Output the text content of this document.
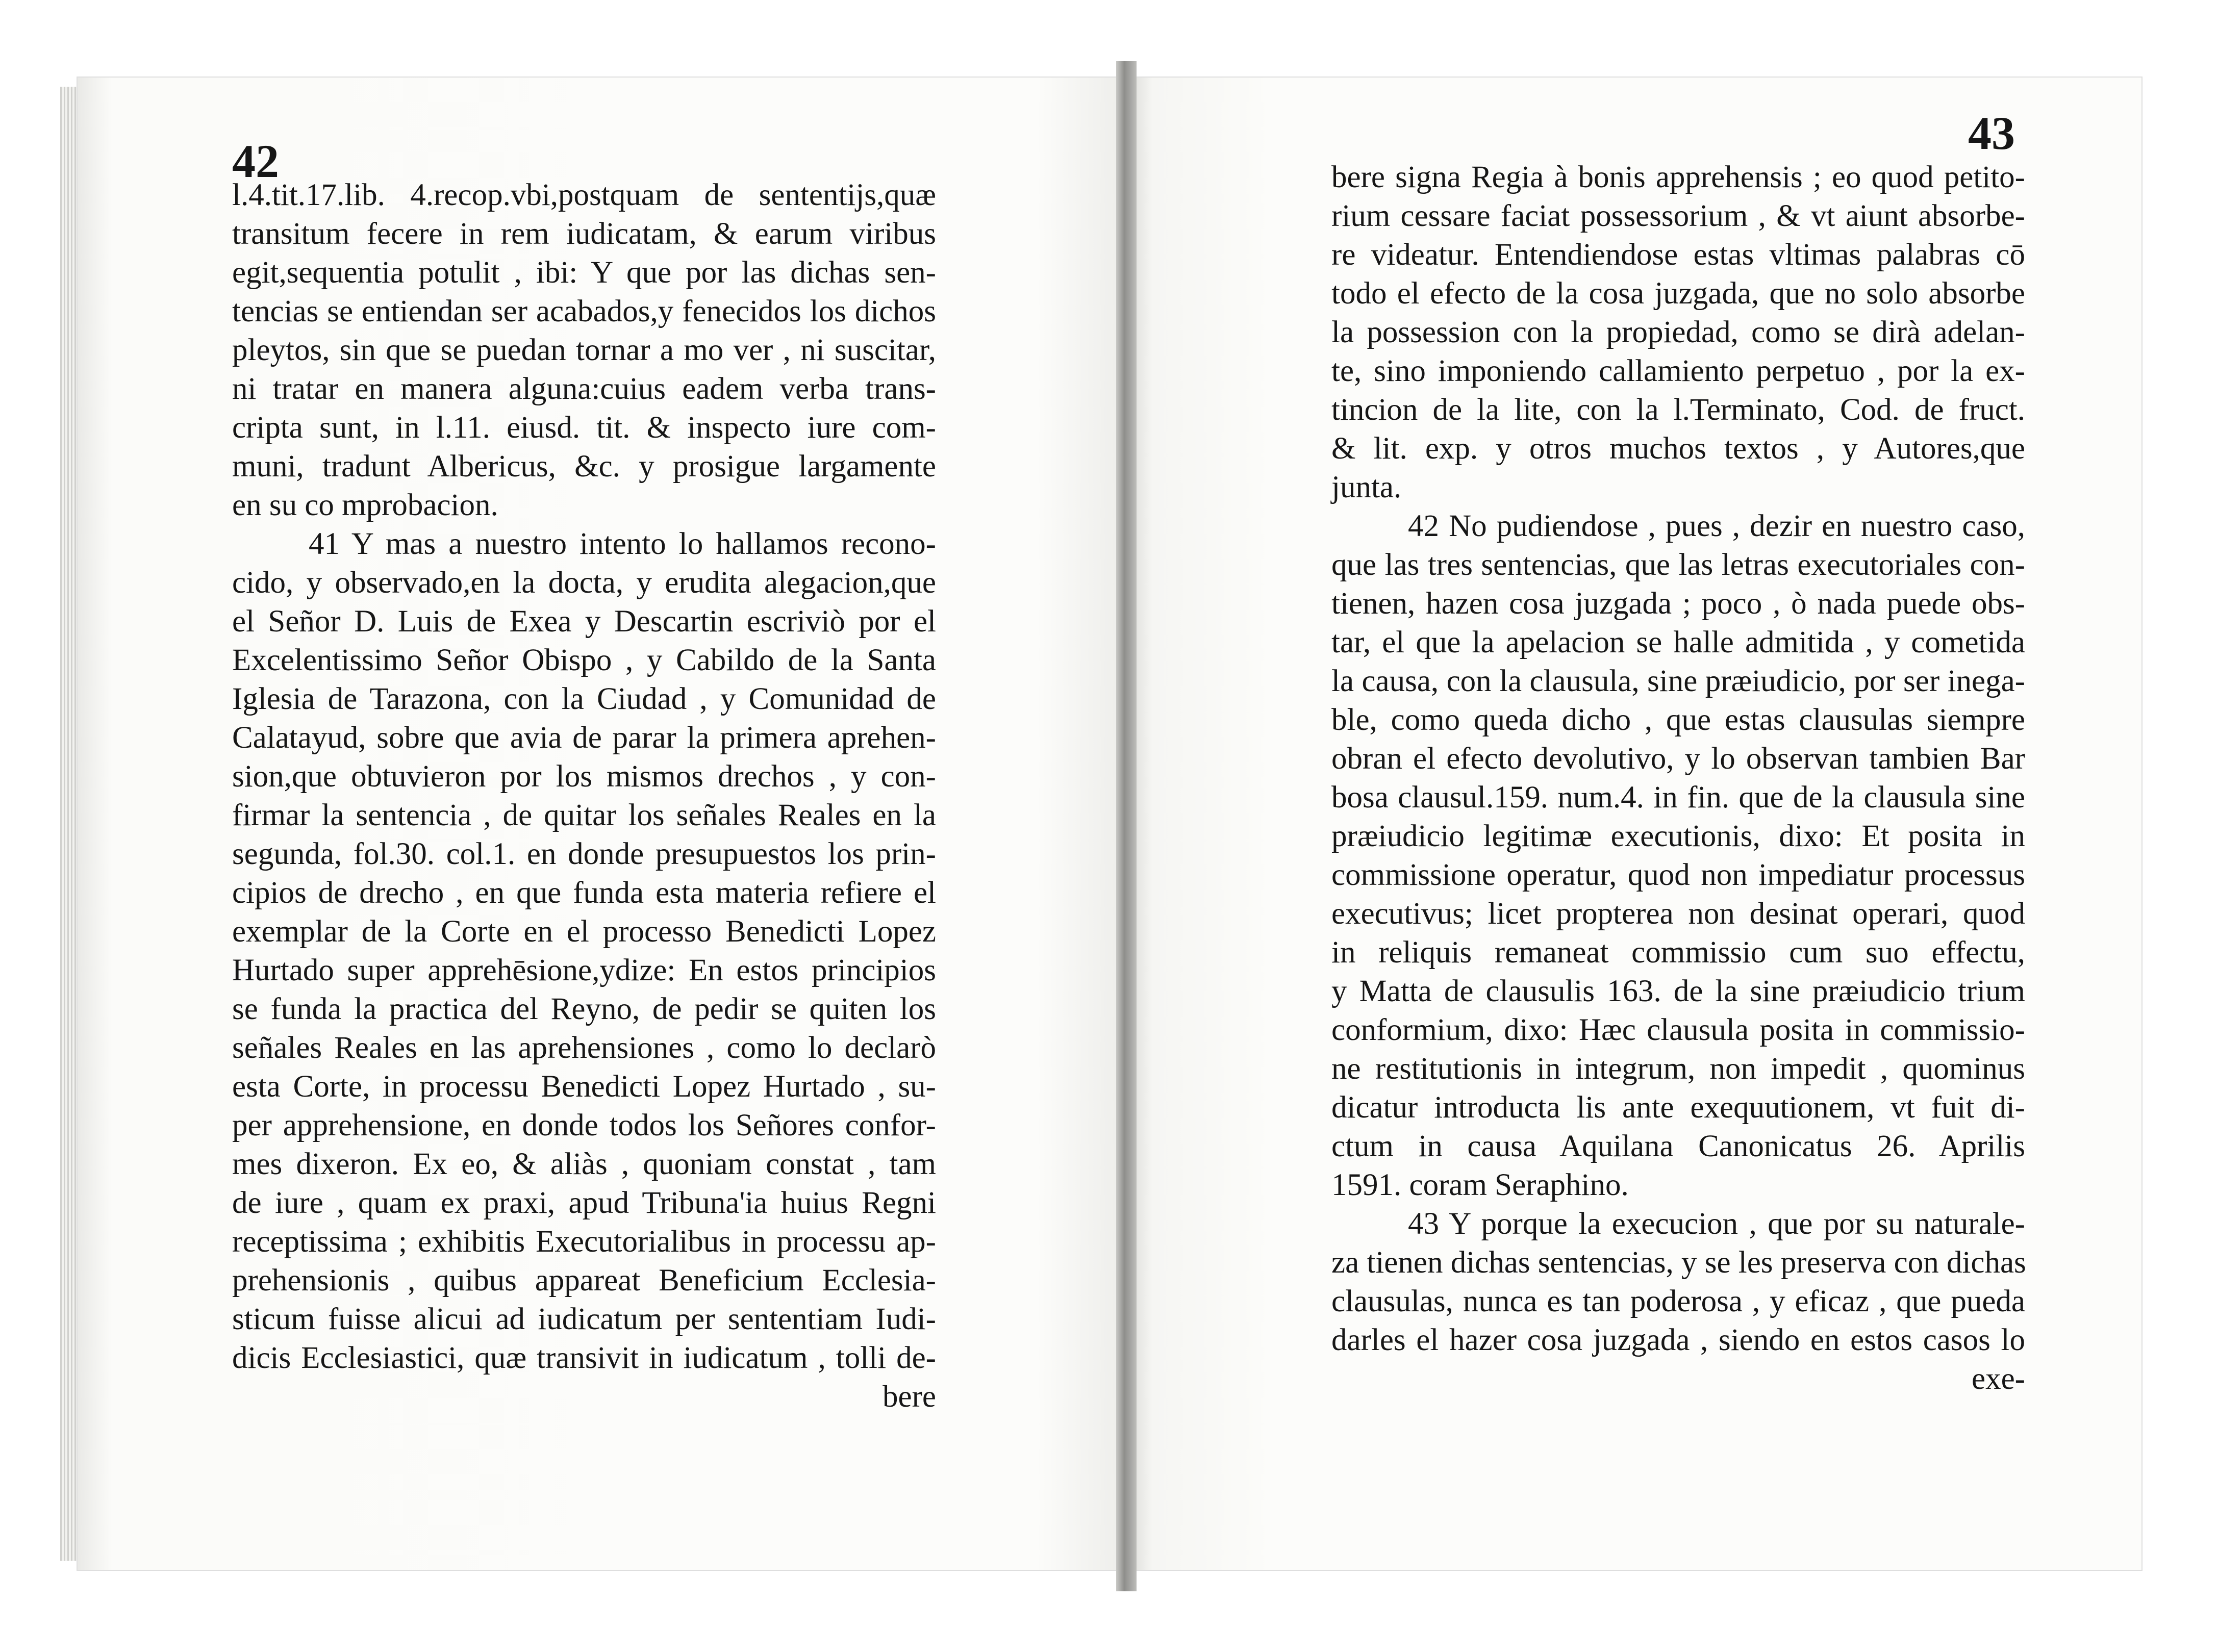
42
43
l.4.tit.17.lib. 4.recop.vbi,postquam de sententijs,quæ
transitum fecere in rem iudicatam, & earum viribus
egit,sequentia potulit , ibi: Y que por las dichas sen-
tencias se entiendan ser acabados,y fenecidos los dichos
pleytos, sin que se puedan tornar a mo ver , ni suscitar,
ni tratar en manera alguna:cuius eadem verba trans-
cripta sunt, in l.11. eiusd. tit. & inspecto iure com-
muni, tradunt Albericus, &c. y prosigue largamente
en su co mprobacion.
41 Y mas a nuestro intento lo hallamos recono-
cido, y observado,en la docta, y erudita alegacion,que
el Señor D. Luis de Exea y Descartin escriviò por el
Excelentissimo Señor Obispo , y Cabildo de la Santa
Iglesia de Tarazona, con la Ciudad , y Comunidad de
Calatayud, sobre que avia de parar la primera aprehen-
sion,que obtuvieron por los mismos drechos , y con-
firmar la sentencia , de quitar los señales Reales en la
segunda, fol.30. col.1. en donde presupuestos los prin-
cipios de drecho , en que funda esta materia refiere el
exemplar de la Corte en el processo Benedicti Lopez
Hurtado super apprehēsione,ydize: En estos principios
se funda la practica del Reyno, de pedir se quiten los
señales Reales en las aprehensiones , como lo declarò
esta Corte, in processu Benedicti Lopez Hurtado , su-
per apprehensione, en donde todos los Señores confor-
mes dixeron. Ex eo, & aliàs , quoniam constat , tam
de iure , quam ex praxi, apud Tribuna'ia huius Regni
receptissima ; exhibitis Executorialibus in processu ap-
prehensionis , quibus appareat Beneficium Ecclesia-
sticum fuisse alicui ad iudicatum per sententiam Iudi-
dicis Ecclesiastici, quæ transivit in iudicatum , tolli de-
bere
bere signa Regia à bonis apprehensis ; eo quod petito-
rium cessare faciat possessorium , & vt aiunt absorbe-
re videatur. Entendiendose estas vltimas palabras cō
todo el efecto de la cosa juzgada, que no solo absorbe
la possession con la propiedad, como se dirà adelan-
te, sino imponiendo callamiento perpetuo , por la ex-
tincion de la lite, con la l.Terminato, Cod. de fruct.
& lit. exp. y otros muchos textos , y Autores,que
junta.
42 No pudiendose , pues , dezir en nuestro caso,
que las tres sentencias, que las letras executoriales con-
tienen, hazen cosa juzgada ; poco , ò nada puede obs-
tar, el que la apelacion se halle admitida , y cometida
la causa, con la clausula, sine præiudicio, por ser inega-
ble, como queda dicho , que estas clausulas siempre
obran el efecto devolutivo, y lo observan tambien Bar
bosa clausul.159. num.4. in fin. que de la clausula sine
præiudicio legitimæ executionis, dixo: Et posita in
commissione operatur, quod non impediatur processus
executivus; licet propterea non desinat operari, quod
in reliquis remaneat commissio cum suo effectu,
y Matta de clausulis 163. de la sine præiudicio trium
conformium, dixo: Hæc clausula posita in commissio-
ne restitutionis in integrum, non impedit , quominus
dicatur introducta lis ante exequutionem, vt fuit di-
ctum in causa Aquilana Canonicatus 26. Aprilis
1591. coram Seraphino.
43 Y porque la execucion , que por su naturale-
za tienen dichas sentencias, y se les preserva con dichas
clausulas, nunca es tan poderosa , y eficaz , que pueda
darles el hazer cosa juzgada , siendo en estos casos lo
exe-
